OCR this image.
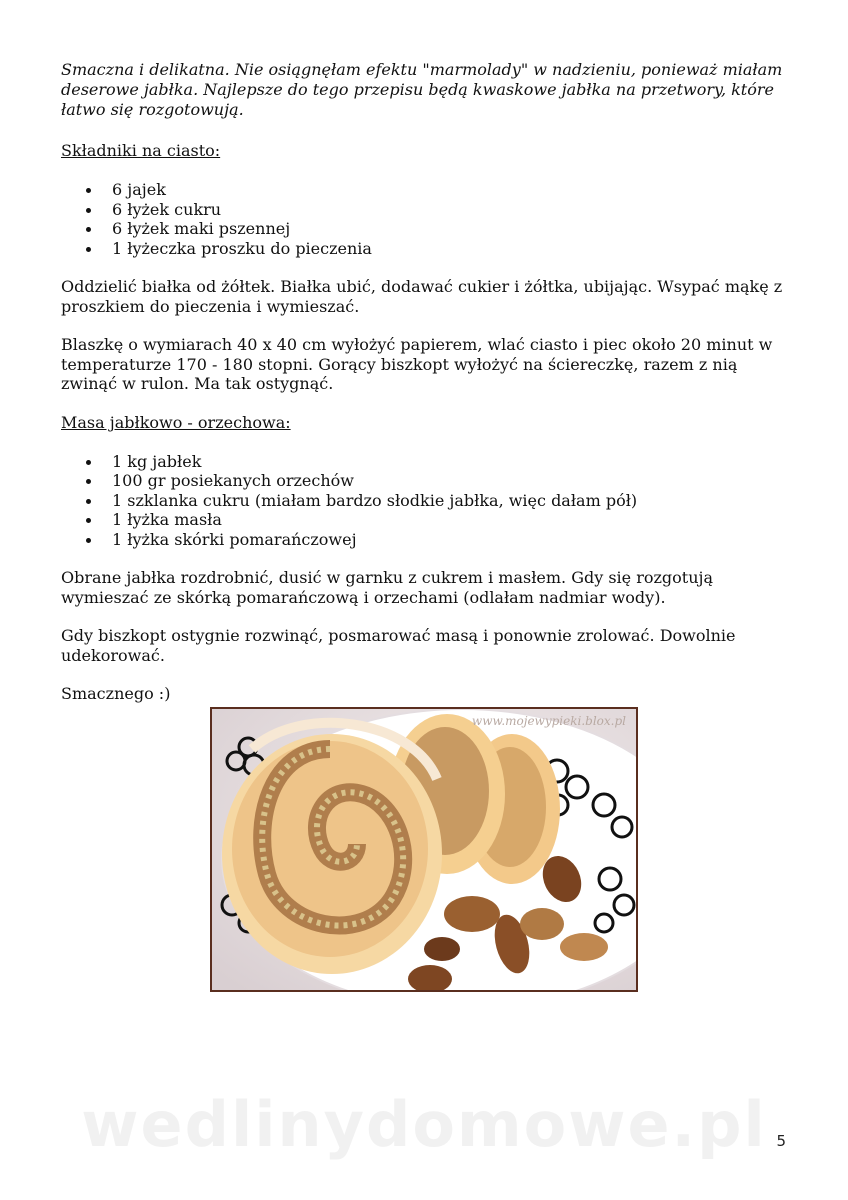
Smaczna i delikatna. Nie osiągnęłam efektu "marmolady" w nadzieniu, ponieważ miałam deserowe jabłka. Najlepsze do tego przepisu będą kwaskowe jabłka na przetwory, które łatwo się rozgotowują.

Składniki na ciasto:

6 jajek
6 łyżek cukru
6 łyżek maki pszennej
1 łyżeczka proszku do pieczenia

Oddzielić białka od żółtek. Białka ubić, dodawać cukier i żółtka, ubijając. Wsypać mąkę z proszkiem do pieczenia i wymieszać.

Blaszkę o wymiarach 40 x 40 cm wyłożyć papierem, wlać ciasto i piec około 20 minut w temperaturze 170 - 180 stopni. Gorący biszkopt wyłożyć na ściereczkę, razem z nią zwinąć w rulon. Ma tak ostygnąć.

Masa jabłkowo - orzechowa:

1 kg jabłek
100 gr posiekanych orzechów
1 szklanka cukru (miałam bardzo słodkie jabłka, więc dałam pół)
1 łyżka masła
1 łyżka skórki pomarańczowej

Obrane jabłka rozdrobnić, dusić w garnku z cukrem i masłem. Gdy się rozgotują wymieszać ze skórką pomarańczową i orzechami (odlałam nadmiar wody).

Gdy biszkopt ostygnie rozwinąć, posmarować masą i ponownie zrolować. Dowolnie udekorować.

Smacznego :)

www.mojewypieki.blox.pl
wedlinydomowe.pl 5
